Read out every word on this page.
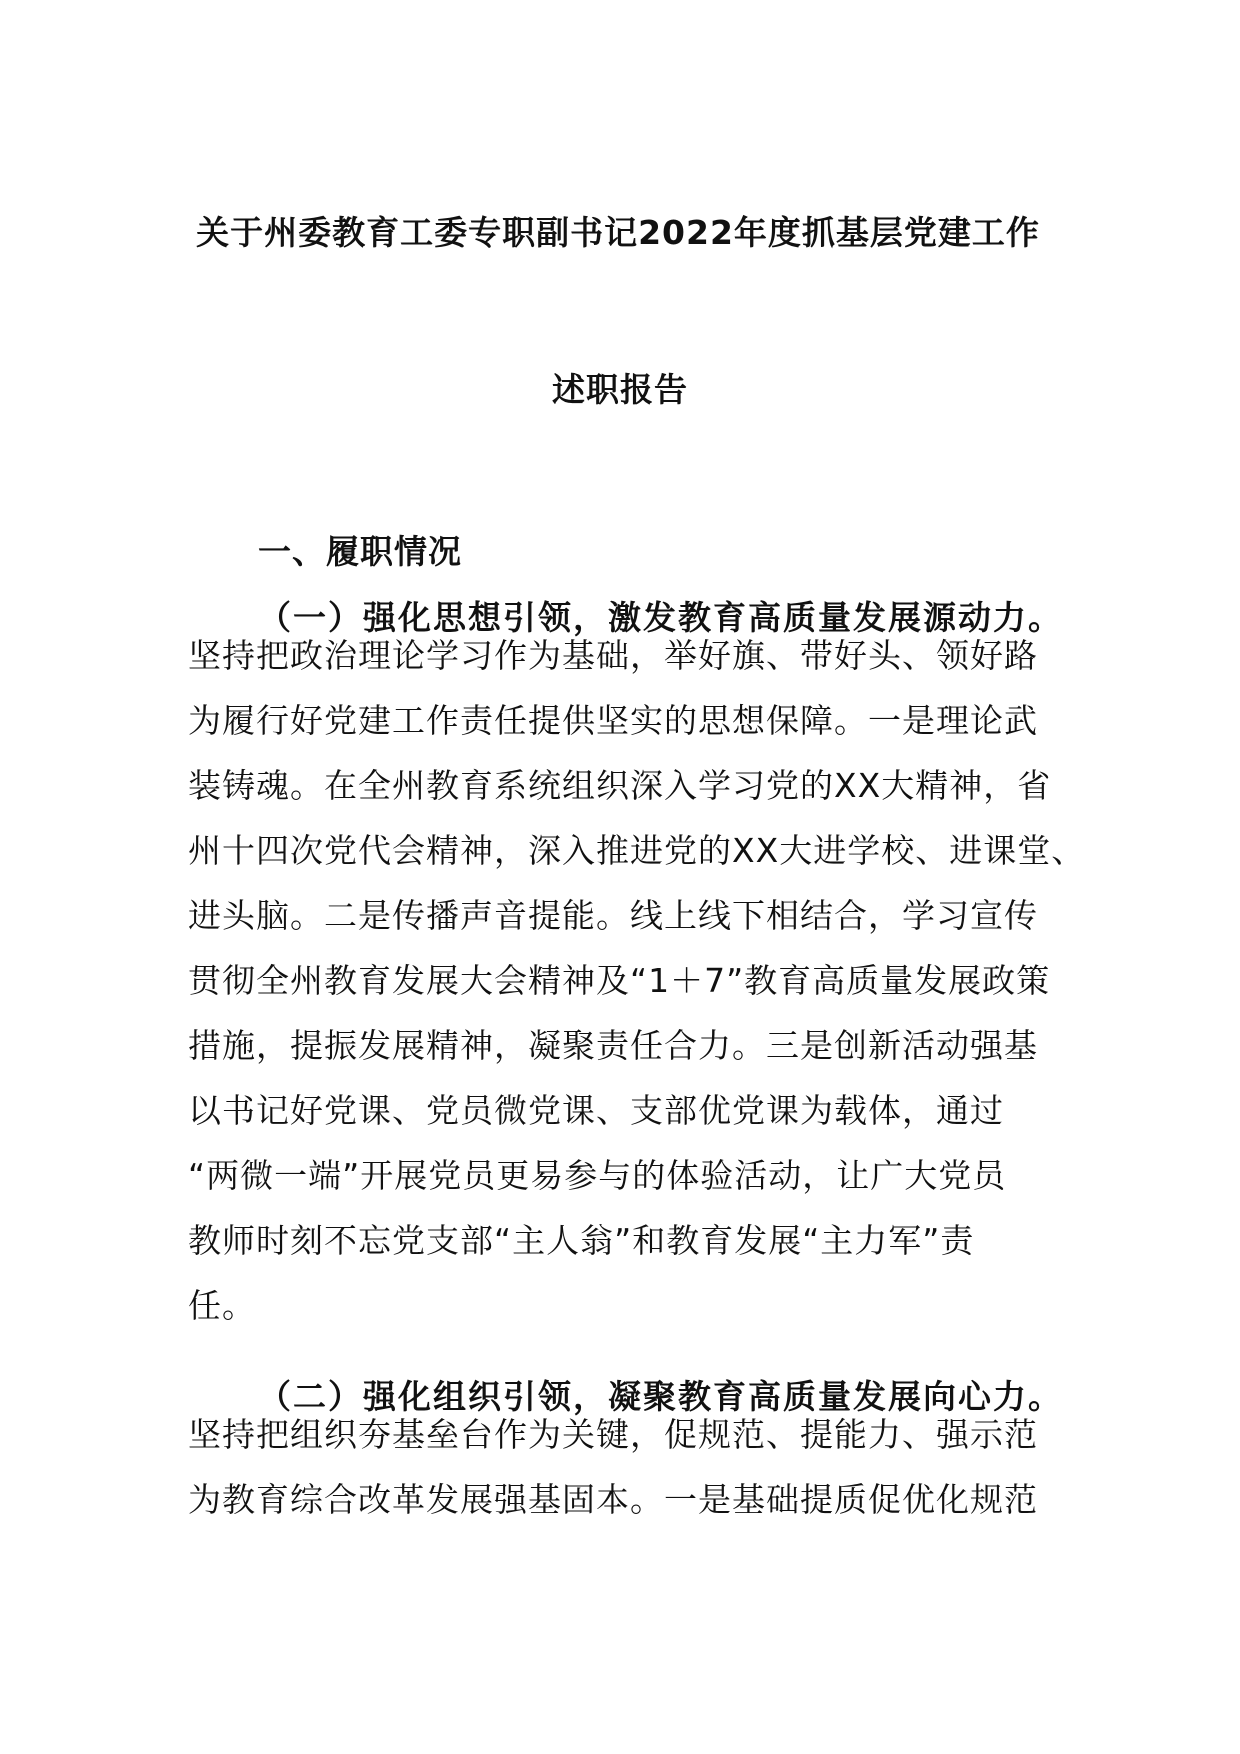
关于州委教育工委专职副书记2022年度抓基层党建工作
述职报告
一、履职情况
（一）强化思想引领，激发教育高质量发展源动力。
坚持把政治理论学习作为基础，举好旗、带好头、领好路
为履行好党建工作责任提供坚实的思想保障。一是理论武
装铸魂。在全州教育系统组织深入学习党的XX大精神，省
州十四次党代会精神，深入推进党的XX大进学校、进课堂、
进头脑。二是传播声音提能。线上线下相结合，学习宣传
贯彻全州教育发展大会精神及“1＋7”教育高质量发展政策
措施，提振发展精神，凝聚责任合力。三是创新活动强基
以书记好党课、党员微党课、支部优党课为载体，通过
“两微一端”开展党员更易参与的体验活动，让广大党员
教师时刻不忘党支部“主人翁”和教育发展“主力军”责
任。
（二）强化组织引领，凝聚教育高质量发展向心力。
坚持把组织夯基垒台作为关键，促规范、提能力、强示范
为教育综合改革发展强基固本。一是基础提质促优化规范
